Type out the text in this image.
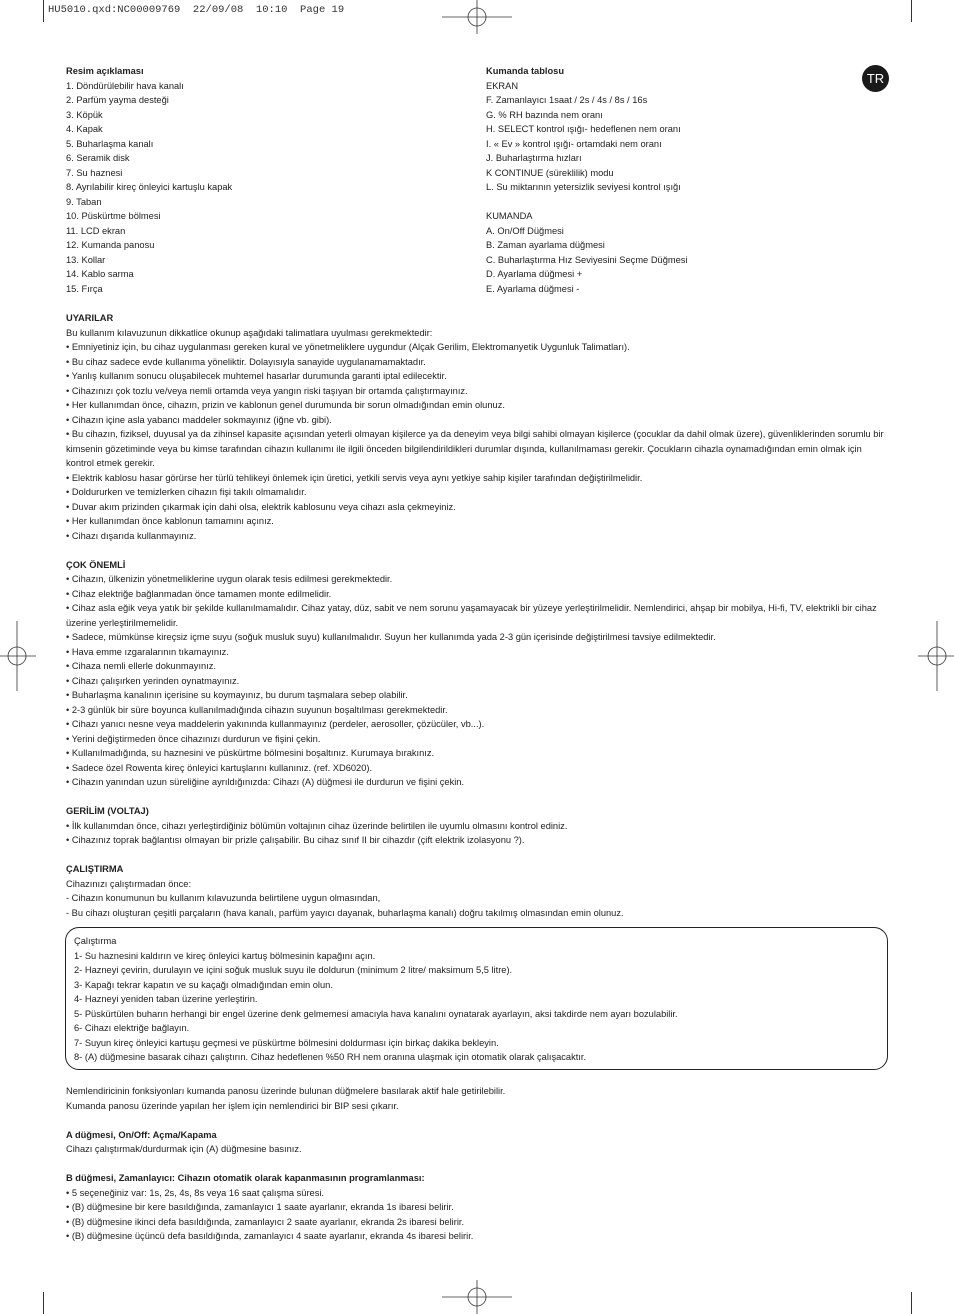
HU5010.qxd:NC00009769  22/09/08  10:10  Page 19
TR
Resim açıklaması
1. Döndürülebilir hava kanalı
2. Parfüm yayma desteği
3. Köpük
4. Kapak
5. Buharlaşma kanalı
6. Seramik disk
7. Su haznesi
8. Ayrılabilir kireç önleyici kartuşlu kapak
9. Taban
10. Püskürtme bölmesi
11. LCD ekran
12. Kumanda panosu
13. Kollar
14. Kablo sarma
15. Fırça
Kumanda tablosu
EKRAN
F. Zamanlayıcı 1saat / 2s / 4s / 8s / 16s
G. % RH bazında nem oranı
H. SELECT kontrol ışığı- hedeflenen nem oranı
I. « Ev » kontrol ışığı- ortamdaki nem oranı
J. Buharlaştırma hızları
K CONTINUE (süreklilik) modu
L. Su miktarının yetersizlik seviyesi kontrol ışığı
KUMANDA
A. On/Off Düğmesi
B. Zaman ayarlama düğmesi
C. Buharlaştırma Hız Seviyesini Seçme Düğmesi
D. Ayarlama düğmesi +
E. Ayarlama düğmesi -
UYARILAR
Bu kullanım kılavuzunun dikkatlice okunup aşağıdaki talimatlara uyulması gerekmektedir:
• Emniyetiniz için, bu cihaz uygulanması gereken kural ve yönetmeliklere uygundur (Alçak Gerilim, Elektromanyetik Uygunluk Talimatları).
• Bu cihaz sadece evde kullanıma yöneliktir. Dolayısıyla sanayide uygulanamamaktadır.
• Yanlış kullanım sonucu oluşabilecek muhtemel hasarlar durumunda garanti iptal edilecektir.
• Cihazınızı çok tozlu ve/veya nemli ortamda veya yangın riski taşıyan bir ortamda çalıştırmayınız.
• Her kullanımdan önce, cihazın, prizin ve kablonun genel durumunda bir sorun olmadığından emin olunuz.
• Cihazın içine asla yabancı maddeler sokmayınız (iğne vb. gibi).
• Bu cihazın, fiziksel, duyusal ya da zihinsel kapasite açısından yeterli olmayan kişilerce ya da deneyim veya bilgi sahibi olmayan kişilerce (çocuklar da dahil olmak üzere), güvenliklerinden sorumlu bir kimsenin gözetiminde veya bu kimse tarafından cihazın kullanımı ile ilgili önceden bilgilendirildikleri durumlar dışında, kullanılmaması gerekir. Çocukların cihazla oynamadığından emin olmak için kontrol etmek gerekir.
• Elektrik kablosu hasar görürse her türlü tehlikeyi önlemek için üretici, yetkili servis veya aynı yetkiye sahip kişiler tarafından değiştirilmelidir.
• Doldururken ve temizlerken cihazın fişi takılı olmamalıdır.
• Duvar akım prizinden çıkarmak için dahi olsa, elektrik kablosunu veya cihazı asla çekmeyiniz.
• Her kullanımdan önce kablonun tamamını açınız.
• Cihazı dışarıda kullanmayınız.
ÇOK ÖNEMLİ
• Cihazın, ülkenizin yönetmeliklerine uygun olarak tesis edilmesi gerekmektedir.
• Cihaz elektriğe bağlanmadan önce tamamen monte edilmelidir.
• Cihaz asla eğik veya yatık bir şekilde kullanılmamalıdır. Cihaz yatay, düz, sabit ve nem sorunu yaşamayacak bir yüzeye yerleştirilmelidir. Nemlendirici, ahşap bir mobilya, Hi-fi, TV, elektrikli bir cihaz üzerine yerleştirilmemelidir.
• Sadece, mümkünse kireçsiz içme suyu (soğuk musluk suyu) kullanılmalıdır. Suyun her kullanımda yada 2-3 gün içerisinde değiştirilmesi tavsiye edilmektedir.
• Hava emme ızgaralarının tıkamayınız.
• Cihaza nemli ellerle dokunmayınız.
• Cihazı çalışırken yerinden oynatmayınız.
• Buharlaşma kanalının içerisine su koymayınız, bu durum taşmalara sebep olabilir.
• 2-3 günlük bir süre boyunca kullanılmadığında cihazın suyunun boşaltılması gerekmektedir.
• Cihazı yanıcı nesne veya maddelerin yakınında kullanmayınız (perdeler, aerosoller, çözücüler, vb...).
• Yerini değiştirmeden önce cihazınızı durdurun ve fişini çekin.
• Kullanılmadığında, su haznesini ve püskürtme bölmesini boşaltınız. Kurumaya bırakınız.
• Sadece özel Rowenta kireç önleyici kartuşlarını kullanınız. (ref. XD6020).
• Cihazın yanından uzun süreliğine ayrıldığınızda: Cihazı (A) düğmesi ile durdurun ve fişini çekin.
GERİLİM (VOLTAJ)
• İlk kullanımdan önce, cihazı yerleştirdiğiniz bölümün voltajının cihaz üzerinde belirtilen ile uyumlu olmasını kontrol ediniz.
• Cihazınız toprak bağlantısı olmayan bir prizle çalışabilir. Bu cihaz sınıf II bir cihazdır (çift elektrik izolasyonu ?).
ÇALIŞTIRMA
Cihazınızı çalıştırmadan önce:
- Cihazın konumunun bu kullanım kılavuzunda belirtilene uygun olmasından,
- Bu cihazı oluşturan çeşitli parçaların (hava kanalı, parfüm yayıcı dayanak, buharlaşma kanalı) doğru takılmış olmasından emin olunuz.
Çalıştırma
1- Su haznesini kaldırın ve kireç önleyici kartuş bölmesinin kapağını açın.
2- Hazneyi çevirin, durulayın ve içini soğuk musluk suyu ile doldurun (minimum 2 litre/ maksimum 5,5 litre).
3- Kapağı tekrar kapatın ve su kaçağı olmadığından emin olun.
4- Hazneyi yeniden taban üzerine yerleştirin.
5- Püskürtülen buharın herhangi bir engel üzerine denk gelmemesi amacıyla hava kanalını oynatarak ayarlayın, aksi takdirde nem ayarı bozulabilir.
6- Cihazı elektriğe bağlayın.
7- Suyun kireç önleyici kartuşu geçmesi ve püskürtme bölmesini doldurması için birkaç dakika bekleyin.
8- (A) düğmesine basarak cihazı çalıştırın. Cihaz hedeflenen %50 RH nem oranına ulaşmak için otomatik olarak çalışacaktır.
Nemlendiricinin fonksiyonları kumanda panosu üzerinde bulunan düğmelere basılarak aktif hale getirilebilir.
Kumanda panosu üzerinde yapılan her işlem için nemlendirici bir BIP sesi çıkarır.
A düğmesi, On/Off: Açma/Kapama
Cihazı çalıştırmak/durdurmak için (A) düğmesine basınız.
B düğmesi, Zamanlayıcı: Cihazın otomatik olarak kapanmasının programlanması:
• 5 seçeneğiniz var: 1s, 2s, 4s, 8s veya 16 saat çalışma süresi.
• (B) düğmesine bir kere basıldığında, zamanlayıcı 1 saate ayarlanır, ekranda 1s ibaresi belirir.
• (B) düğmesine ikinci defa basıldığında, zamanlayıcı 2 saate ayarlanır, ekranda 2s ibaresi belirir.
• (B) düğmesine üçüncü defa basıldığında, zamanlayıcı 4 saate ayarlanır, ekranda 4s ibaresi belirir.
